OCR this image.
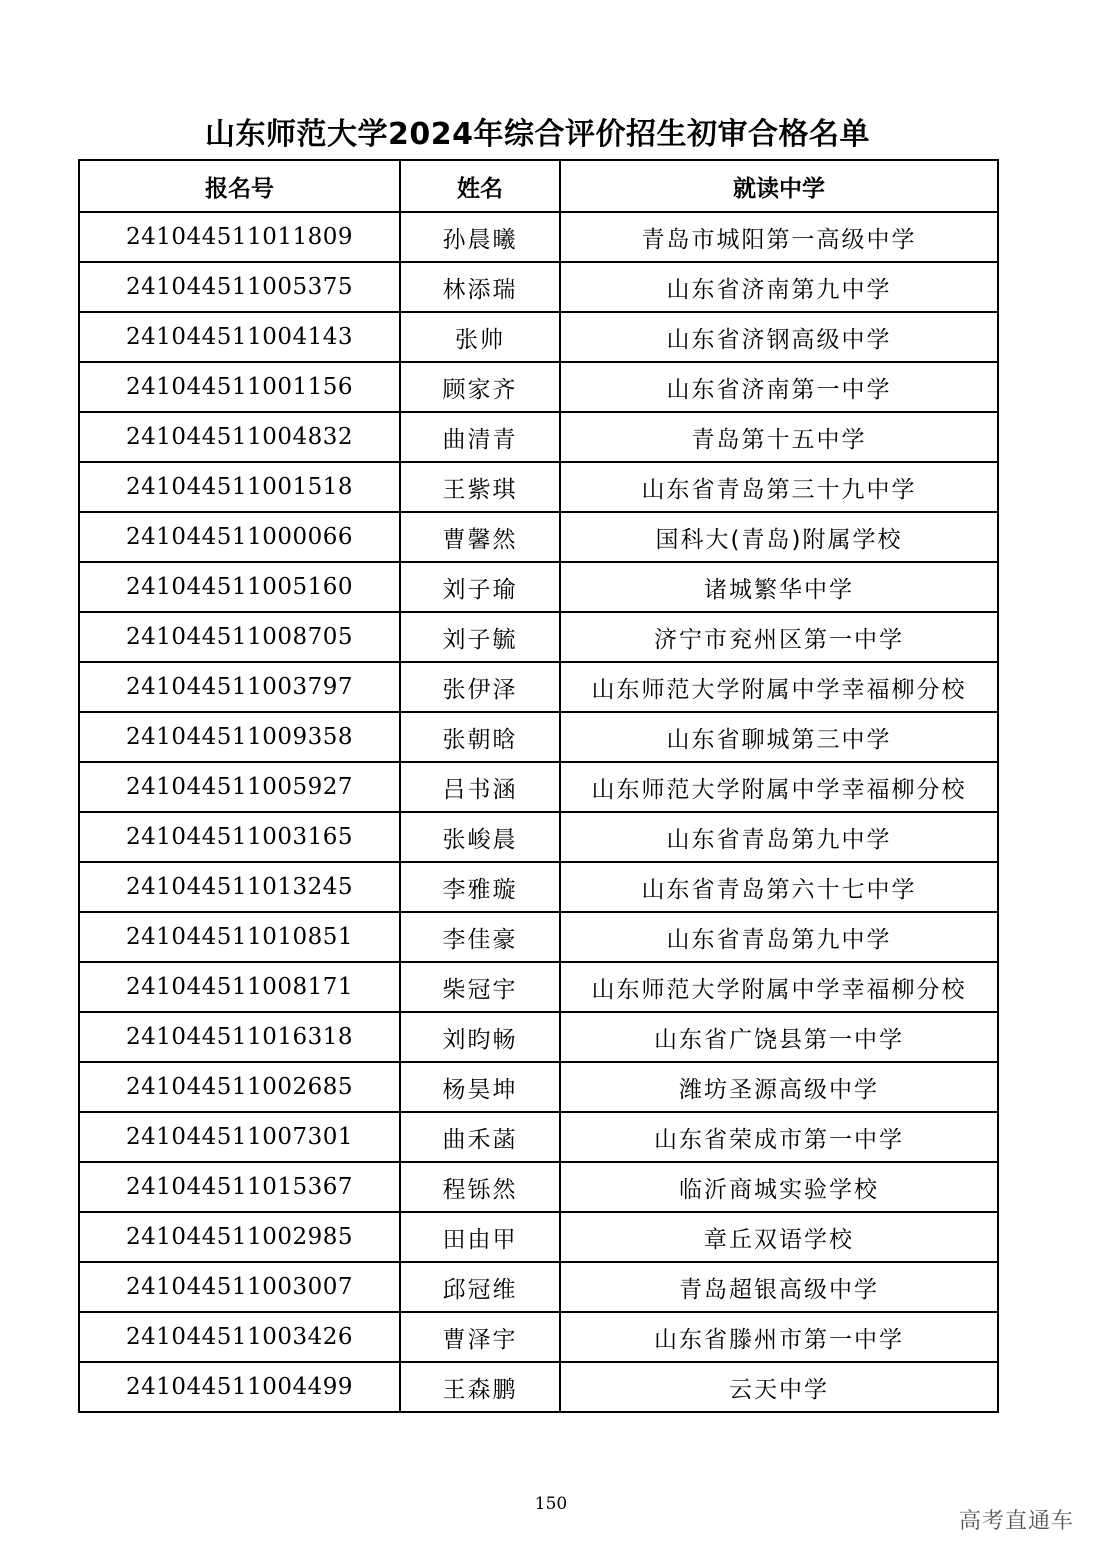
山东师范大学2024年综合评价招生初审合格名单
报名号	姓名	就读中学
241044511011809	孙晨曦	青岛市城阳第一高级中学
241044511005375	林添瑞	山东省济南第九中学
241044511004143	张帅	山东省济钢高级中学
241044511001156	顾家齐	山东省济南第一中学
241044511004832	曲清青	青岛第十五中学
241044511001518	王紫琪	山东省青岛第三十九中学
241044511000066	曹馨然	国科大(青岛)附属学校
241044511005160	刘子瑜	诸城繁华中学
241044511008705	刘子毓	济宁市兖州区第一中学
241044511003797	张伊泽	山东师范大学附属中学幸福柳分校
241044511009358	张朝晗	山东省聊城第三中学
241044511005927	吕书涵	山东师范大学附属中学幸福柳分校
241044511003165	张峻晨	山东省青岛第九中学
241044511013245	李雅璇	山东省青岛第六十七中学
241044511010851	李佳豪	山东省青岛第九中学
241044511008171	柴冠宇	山东师范大学附属中学幸福柳分校
241044511016318	刘昀畅	山东省广饶县第一中学
241044511002685	杨昊坤	潍坊圣源高级中学
241044511007301	曲禾菡	山东省荣成市第一中学
241044511015367	程铄然	临沂商城实验学校
241044511002985	田由甲	章丘双语学校
241044511003007	邱冠维	青岛超银高级中学
241044511003426	曹泽宇	山东省滕州市第一中学
241044511004499	王森鹏	云天中学
150
高考直通车
